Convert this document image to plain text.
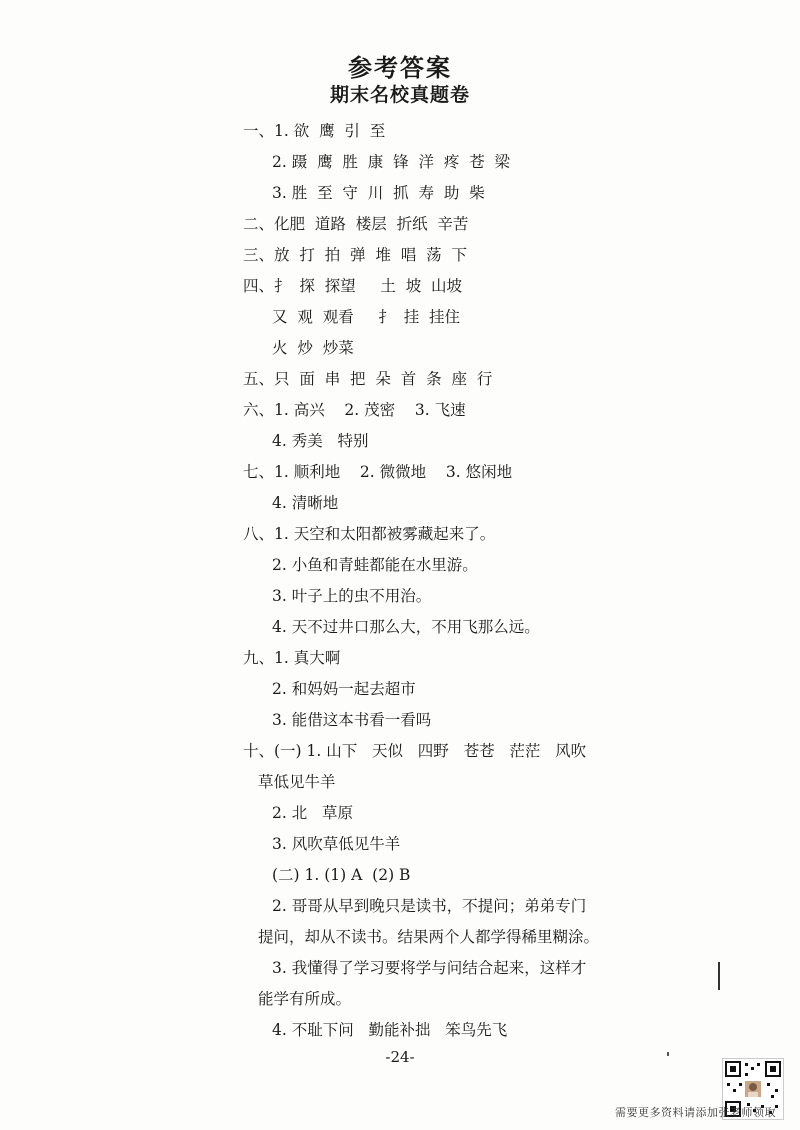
参考答案
期末名校真题卷
一、1. 欲  鹰  引  至
2. 蹑  鹰  胜  康  锋  洋  疼  苍  梁
3. 胜  至  守  川  抓  寿  助  柴
二、化肥  道路  楼层  折纸  辛苦
三、放  打  拍  弹  堆  唱  荡  下
四、扌  探  探望     土  坡  山坡
又  观  观看     扌  挂  挂住
火  炒  炒菜
五、只  面  串  把  朵  首  条  座  行
六、1. 高兴    2. 茂密    3. 飞速
4. 秀美   特别
七、1. 顺利地    2. 微微地    3. 悠闲地
4. 清晰地
八、1. 天空和太阳都被雾藏起来了。
2. 小鱼和青蛙都能在水里游。
3. 叶子上的虫不用治。
4. 天不过井口那么大，不用飞那么远。
九、1. 真大啊
2. 和妈妈一起去超市
3. 能借这本书看一看吗
十、(一) 1. 山下   天似   四野   苍苍   茫茫   风吹
草低见牛羊
2. 北   草原
3. 风吹草低见牛羊
(二) 1. (1) A  (2) B
2. 哥哥从早到晚只是读书，不提问；弟弟专门
提问，却从不读书。结果两个人都学得稀里糊涂。
3. 我懂得了学习要将学与问结合起来，这样才
能学有所成。
4. 不耻下问   勤能补拙   笨鸟先飞
-24-
需要更多资料请添加张老师领取
